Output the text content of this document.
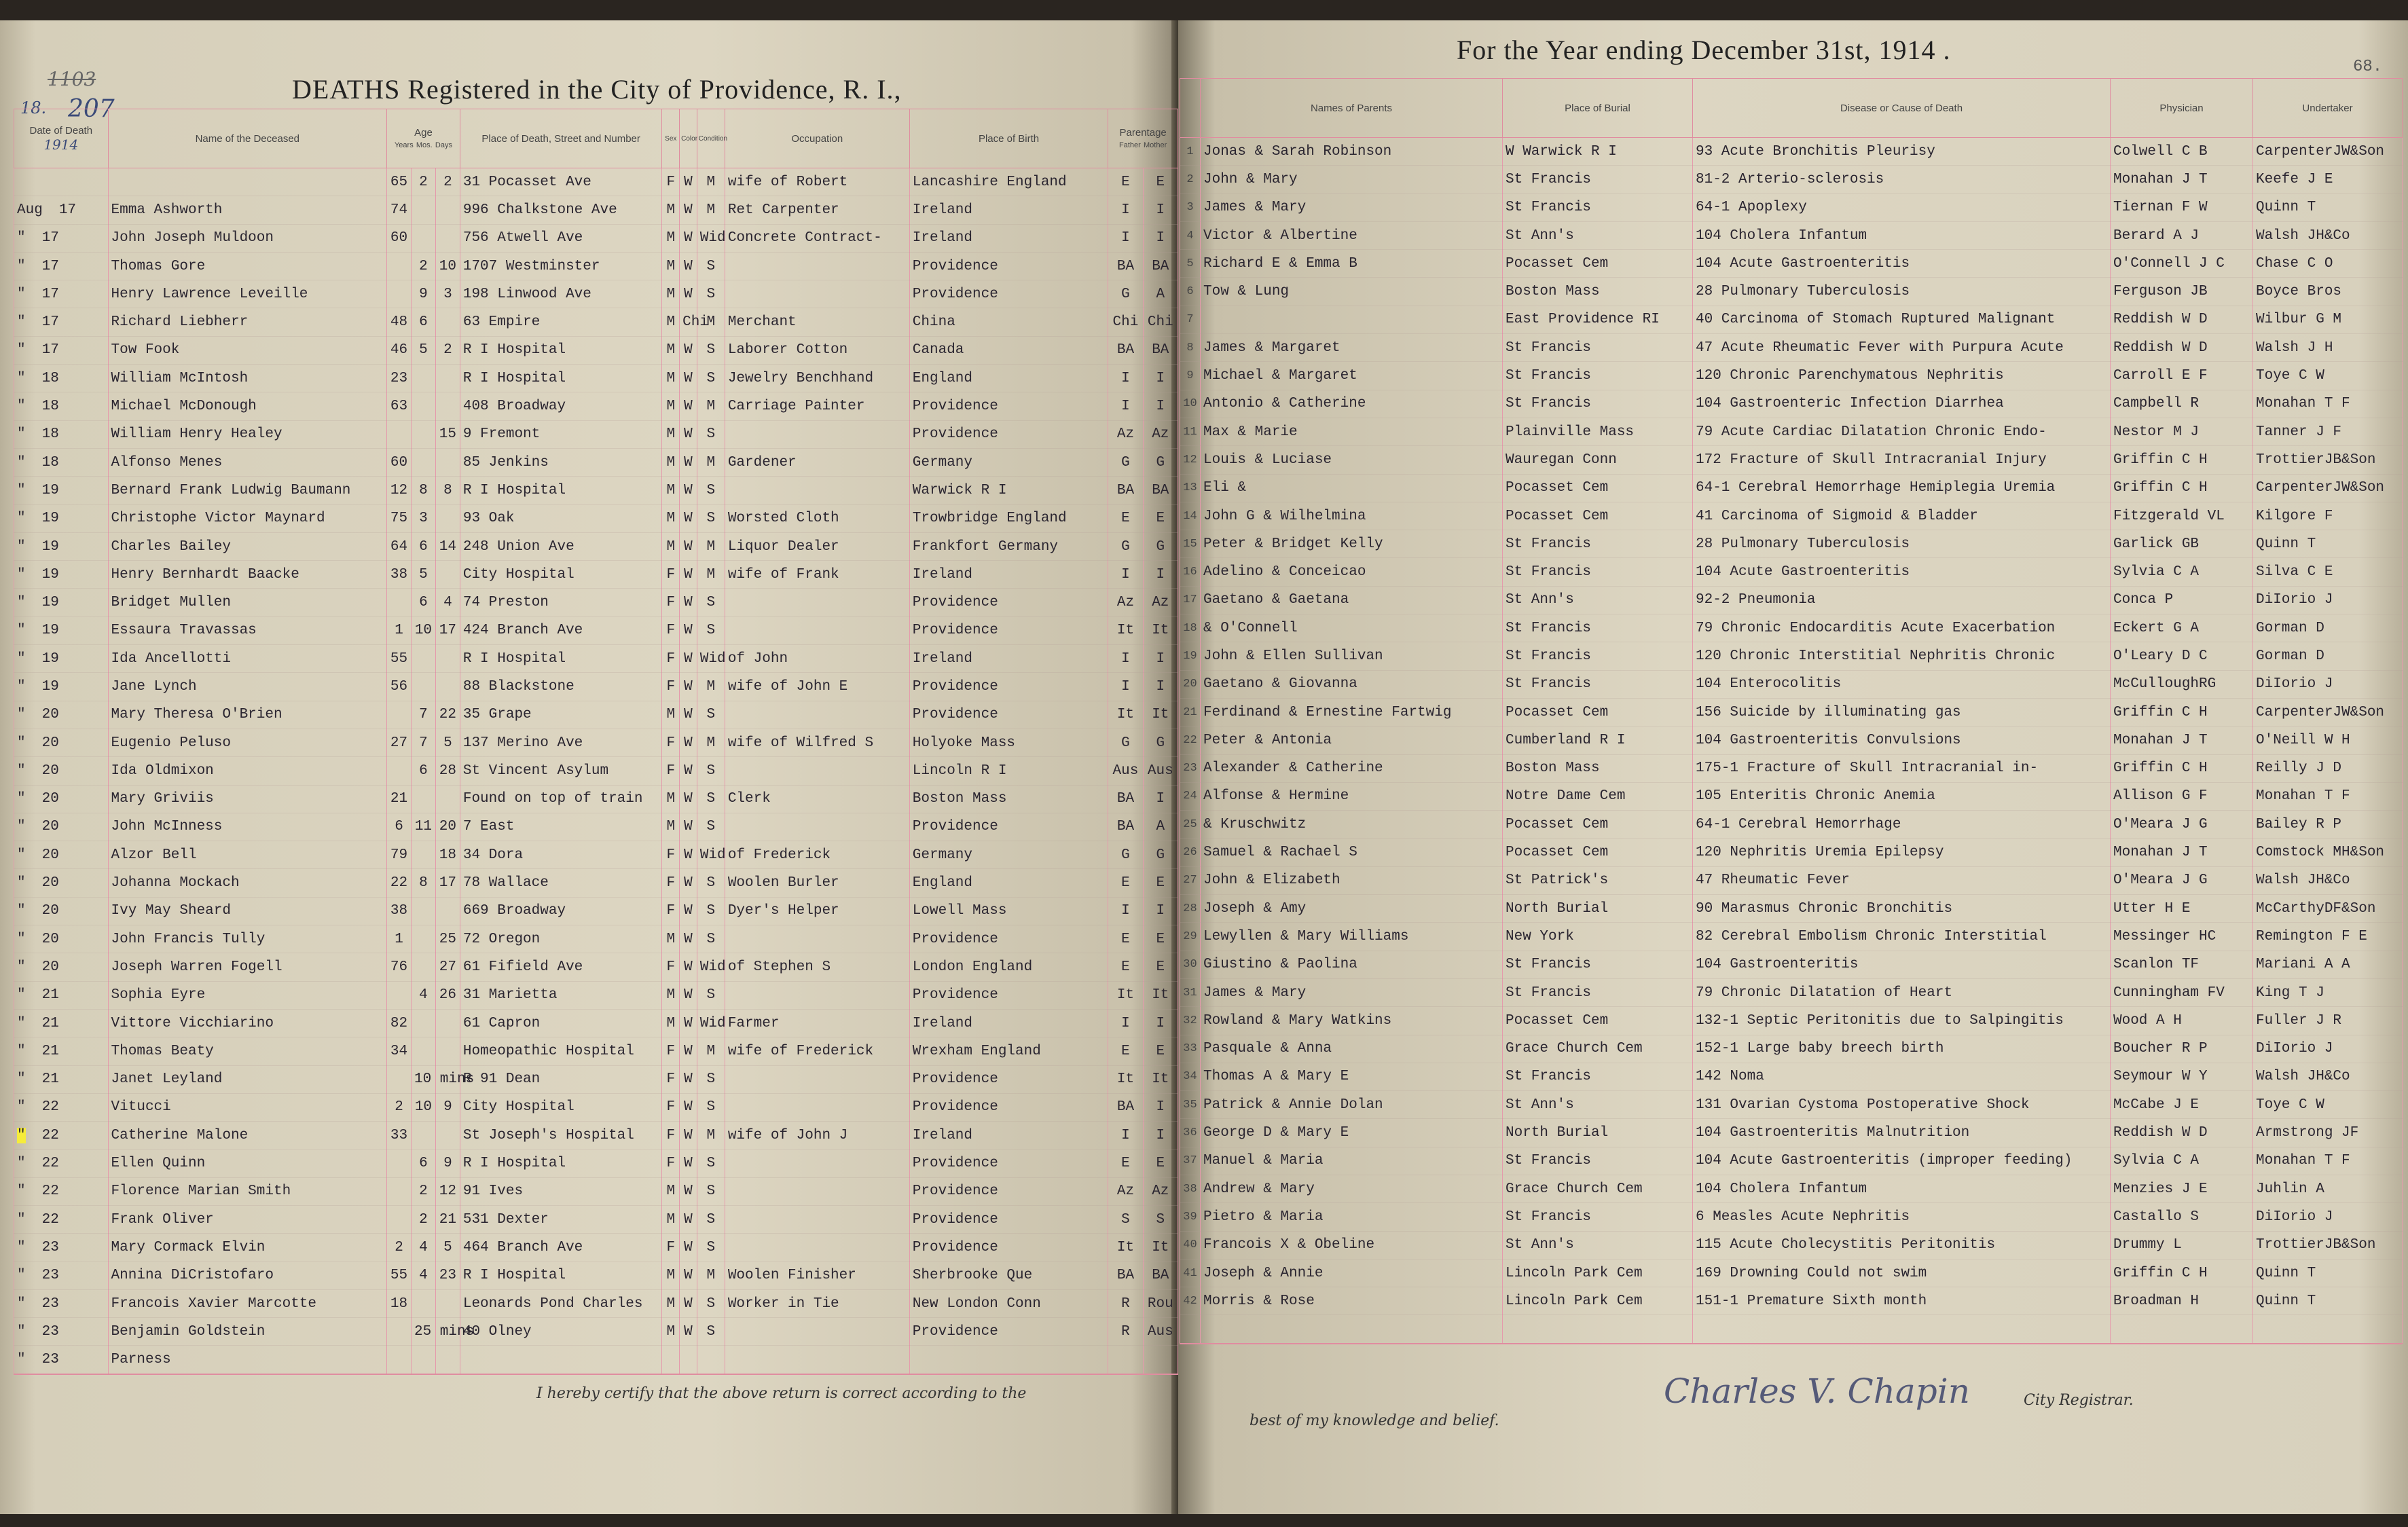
1103
18. 207
DEATHS Registered in the City of Providence, R. I.,
For the Year ending December 31st, 1914 .
68.
Date of Death
1914	Name of the Deceased	Age
Years Mos. Days			Place of Death, Street and Number	Sex	Color	Condition	Occupation	Place of Birth	Parentage
Father Mother	
		65	2	2	31 Pocasset Ave	F	W	M	wife of Robert	Lancashire England	E	E
Aug 17	Emma Ashworth	74			996 Chalkstone Ave	M	W	M	Ret Carpenter	Ireland	I	I
" 17	John Joseph Muldoon	60			756 Atwell Ave	M	W	Wid	Concrete Contract-	Ireland	I	I
" 17	Thomas Gore		2	10	1707 Westminster	M	W	S		Providence	BA	BA
" 17	Henry Lawrence Leveille		9	3	198 Linwood Ave	M	W	S		Providence	G	A
" 17	Richard Liebherr	48	6		63 Empire	M	Chi	M	Merchant	China	Chi	Chi
" 17	Tow Fook	46	5	2	R I Hospital	M	W	S	Laborer Cotton	Canada	BA	BA
" 18	William McIntosh	23			R I Hospital	M	W	S	Jewelry Benchhand	England	I	I
" 18	Michael McDonough	63			408 Broadway	M	W	M	Carriage Painter	Providence	I	I
" 18	William Henry Healey			15	9 Fremont	M	W	S		Providence	Az	Az
" 18	Alfonso Menes	60			85 Jenkins	M	W	M	Gardener	Germany	G	G
" 19	Bernard Frank Ludwig Baumann	12	8	8	R I Hospital	M	W	S		Warwick R I	BA	BA
" 19	Christophe Victor Maynard	75	3		93 Oak	M	W	S	Worsted Cloth	Trowbridge England	E	E
" 19	Charles Bailey	64	6	14	248 Union Ave	M	W	M	Liquor Dealer	Frankfort Germany	G	G
" 19	Henry Bernhardt Baacke	38	5		City Hospital	F	W	M	wife of Frank	Ireland	I	I
" 19	Bridget Mullen		6	4	74 Preston	F	W	S		Providence	Az	Az
" 19	Essaura Travassas	1	10	17	424 Branch Ave	F	W	S		Providence	It	It
" 19	Ida Ancellotti	55			R I Hospital	F	W	Wid	of John	Ireland	I	I
" 19	Jane Lynch	56			88 Blackstone	F	W	M	wife of John E	Providence	I	I
" 20	Mary Theresa O'Brien		7	22	35 Grape	M	W	S		Providence	It	It
" 20	Eugenio Peluso	27	7	5	137 Merino Ave	F	W	M	wife of Wilfred S	Holyoke Mass	G	G
" 20	Ida Oldmixon		6	28	St Vincent Asylum	F	W	S		Lincoln R I	Aus	Aus
" 20	Mary Griviis	21			Found on top of train	M	W	S	Clerk	Boston Mass	BA	I
" 20	John McInness	6	11	20	7 East	M	W	S		Providence	BA	A
" 20	Alzor Bell	79		18	34 Dora	F	W	Wid	of Frederick	Germany	G	G
" 20	Johanna Mockach	22	8	17	78 Wallace	F	W	S	Woolen Burler	England	E	E
" 20	Ivy May Sheard	38			669 Broadway	F	W	S	Dyer's Helper	Lowell Mass	I	I
" 20	John Francis Tully	1		25	72 Oregon	M	W	S		Providence	E	E
" 20	Joseph Warren Fogell	76		27	61 Fifield Ave	F	W	Wid	of Stephen S	London England	E	E
" 21	Sophia Eyre		4	26	31 Marietta	M	W	S		Providence	It	It
" 21	Vittore Vicchiarino	82			61 Capron	M	W	Wid	Farmer	Ireland	I	I
" 21	Thomas Beaty	34			Homeopathic Hospital	F	W	M	wife of Frederick	Wrexham England	E	E
" 21	Janet Leyland		10 mins		R 91 Dean	F	W	S		Providence	It	It
" 22	Vitucci	2	10	9	City Hospital	F	W	S		Providence	BA	I
" 22	Catherine Malone	33			St Joseph's Hospital	F	W	M	wife of John J	Ireland	I	I
" 22	Ellen Quinn		6	9	R I Hospital	F	W	S		Providence	E	E
" 22	Florence Marian Smith		2	12	91 Ives	M	W	S		Providence	Az	Az
" 22	Frank Oliver		2	21	531 Dexter	M	W	S		Providence	S	S
" 23	Mary Cormack Elvin	2	4	5	464 Branch Ave	F	W	S		Providence	It	It
" 23	Annina DiCristofaro	55	4	23	R I Hospital	M	W	M	Woolen Finisher	Sherbrooke Que	BA	BA
" 23	Francois Xavier Marcotte	18			Leonards Pond Charles	M	W	S	Worker in Tie	New London Conn	R	Rou
" 23	Benjamin Goldstein		25 mins		40 Olney	M	W	S		Providence	R	Aus
" 23	Parness											
	Names of Parents	Place of Burial	Disease or Cause of Death	Physician	Undertaker
1	Jonas & Sarah Robinson	W Warwick R I	93 Acute Bronchitis Pleurisy	Colwell C B	CarpenterJW&Son
2	John & Mary	St Francis	81-2 Arterio-sclerosis	Monahan J T	Keefe J E
3	James & Mary	St Francis	64-1 Apoplexy	Tiernan F W	Quinn T
4	Victor & Albertine	St Ann's	104 Cholera Infantum	Berard A J	Walsh JH&Co
5	Richard E & Emma B	Pocasset Cem	104 Acute Gastroenteritis	O'Connell J C	Chase C O
6	Tow & Lung	Boston Mass	28 Pulmonary Tuberculosis	Ferguson JB	Boyce Bros
7		East Providence RI	40 Carcinoma of Stomach Ruptured Malignant	Reddish W D	Wilbur G M
8	James & Margaret	St Francis	47 Acute Rheumatic Fever with Purpura Acute	Reddish W D	Walsh J H
9	Michael & Margaret	St Francis	120 Chronic Parenchymatous Nephritis	Carroll E F	Toye C W
10	Antonio & Catherine	St Francis	104 Gastroenteric Infection Diarrhea	Campbell R	Monahan T F
11	Max & Marie	Plainville Mass	79 Acute Cardiac Dilatation Chronic Endo-	Nestor M J	Tanner J F
12	Louis & Luciase	Wauregan Conn	172 Fracture of Skull Intracranial Injury	Griffin C H	TrottierJB&Son
13	Eli &	Pocasset Cem	64-1 Cerebral Hemorrhage Hemiplegia Uremia	Griffin C H	CarpenterJW&Son
14	John G & Wilhelmina	Pocasset Cem	41 Carcinoma of Sigmoid & Bladder	Fitzgerald VL	Kilgore F
15	Peter & Bridget Kelly	St Francis	28 Pulmonary Tuberculosis	Garlick GB	Quinn T
16	Adelino & Conceicao	St Francis	104 Acute Gastroenteritis	Sylvia C A	Silva C E
17	Gaetano & Gaetana	St Ann's	92-2 Pneumonia	Conca P	DiIorio J
18	& O'Connell	St Francis	79 Chronic Endocarditis Acute Exacerbation	Eckert G A	Gorman D
19	John & Ellen Sullivan	St Francis	120 Chronic Interstitial Nephritis Chronic	O'Leary D C	Gorman D
20	Gaetano & Giovanna	St Francis	104 Enterocolitis	McCulloughRG	DiIorio J
21	Ferdinand & Ernestine Fartwig	Pocasset Cem	156 Suicide by illuminating gas	Griffin C H	CarpenterJW&Son
22	Peter & Antonia	Cumberland R I	104 Gastroenteritis Convulsions	Monahan J T	O'Neill W H
23	Alexander & Catherine	Boston Mass	175-1 Fracture of Skull Intracranial in-	Griffin C H	Reilly J D
24	Alfonse & Hermine	Notre Dame Cem	105 Enteritis Chronic Anemia	Allison G F	Monahan T F
25	& Kruschwitz	Pocasset Cem	64-1 Cerebral Hemorrhage	O'Meara J G	Bailey R P
26	Samuel & Rachael S	Pocasset Cem	120 Nephritis Uremia Epilepsy	Monahan J T	Comstock MH&Son
27	John & Elizabeth	St Patrick's	47 Rheumatic Fever	O'Meara J G	Walsh JH&Co
28	Joseph & Amy	North Burial	90 Marasmus Chronic Bronchitis	Utter H E	McCarthyDF&Son
29	Lewyllen & Mary Williams	New York	82 Cerebral Embolism Chronic Interstitial	Messinger HC	Remington F E
30	Giustino & Paolina	St Francis	104 Gastroenteritis	Scanlon TF	Mariani A A
31	James & Mary	St Francis	79 Chronic Dilatation of Heart	Cunningham FV	King T J
32	Rowland & Mary Watkins	Pocasset Cem	132-1 Septic Peritonitis due to Salpingitis	Wood A H	Fuller J R
33	Pasquale & Anna	Grace Church Cem	152-1 Large baby breech birth	Boucher R P	DiIorio J
34	Thomas A & Mary E	St Francis	142 Noma	Seymour W Y	Walsh JH&Co
35	Patrick & Annie Dolan	St Ann's	131 Ovarian Cystoma Postoperative Shock	McCabe J E	Toye C W
36	George D & Mary E	North Burial	104 Gastroenteritis Malnutrition	Reddish W D	Armstrong JF
37	Manuel & Maria	St Francis	104 Acute Gastroenteritis (improper feeding)	Sylvia C A	Monahan T F
38	Andrew & Mary	Grace Church Cem	104 Cholera Infantum	Menzies J E	Juhlin A
39	Pietro & Maria	St Francis	6 Measles Acute Nephritis	Castallo S	DiIorio J
40	Francois X & Obeline	St Ann's	115 Acute Cholecystitis Peritonitis	Drummy L	TrottierJB&Son
41	Joseph & Annie	Lincoln Park Cem	169 Drowning Could not swim	Griffin C H	Quinn T
42	Morris & Rose	Lincoln Park Cem	151-1 Premature Sixth month	Broadman H	Quinn T

I hereby certify that the above return is correct according to the
best of my knowledge and belief.
Charles V. Chapin	City Registrar.
